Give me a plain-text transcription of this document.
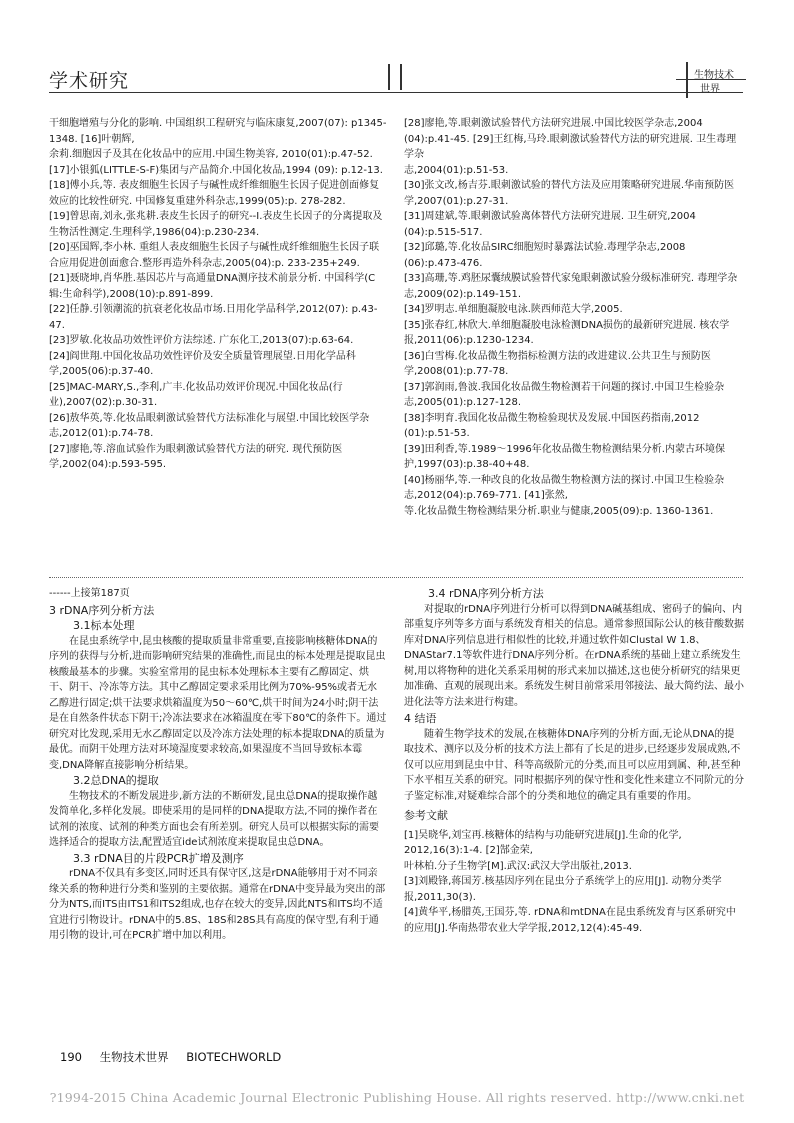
学术研究	生物技术
世界

干细胞增殖与分化的影响. 中国组织工程研究与临床康复,2007(07): p1345-1348. [16]叶朝辉,

余莉.细胞因子及其在化妆品中的应用.中国生物美容, 2010(01):p.47-52.

[17]小银狐(LITTLE-S-F)集团与产品简介.中国化妆品,1994 (09): p.12-13.

[18]傅小兵,等. 表皮细胞生长因子与碱性成纤维细胞生长因子促进创面修复效应的比较性研究. 中国修复重建外科杂志,1999(05):p. 278-282.

[19]曾思南,刘永,张兆耕.表皮生长因子的研究--Ⅰ.表皮生长因子的分离提取及生物活性测定.生理科学,1986(04):p.230-234.

[20]巫国辉,李小林. 重组人表皮细胞生长因子与碱性成纤维细胞生长因子联合应用促进创面愈合.整形再造外科杂志,2005(04):p. 233-235+249.

[21]聂晓坤,肖华胜.基因芯片与高通量DNA测序技术前景分析. 中国科学(C辑:生命科学),2008(10):p.891-899.

[22]任静.引领潮流的抗衰老化妆品市场.日用化学品科学,2012(07): p.43-47.

[23]罗敏.化妆品功效性评价方法综述. 广东化工,2013(07):p.63-64.

[24]阎世翔.中国化妆品功效性评价及安全质量管理展望.日用化学品科学,2005(06):p.37-40.

[25]MAC-MARY,S.,李利,广丰.化妆品功效评价现况.中国化妆品(行业),2007(02):p.30-31.

[26]敖华英,等.化妆品眼刺激试验替代方法标准化与展望.中国比较医学杂志,2012(01):p.74-78.

[27]廖艳,等.溶血试验作为眼刺激试验替代方法的研究. 现代预防医学,2002(04):p.593-595.

[28]廖艳,等.眼刺激试验替代方法研究进展.中国比较医学杂志,2004 (04):p.41-45. [29]王红梅,马玲.眼刺激试验替代方法的研究进展. 卫生毒理学杂

志,2004(01):p.51-53.

[30]张文改,杨吉芬.眼刺激试验的替代方法及应用策略研究进展.华南预防医学,2007(01):p.27-31.

[31]周建斌,等.眼刺激试验离体替代方法研究进展. 卫生研究,2004 (04):p.515-517.

[32]邱璐,等.化妆品SIRC细胞短时暴露法试验.毒理学杂志,2008 (06):p.473-476.

[33]高珊,等.鸡胚尿囊绒膜试验替代家兔眼刺激试验分级标准研究. 毒理学杂志,2009(02):p.149-151.

[34]罗明志.单细胞凝胶电泳.陕西师范大学,2005.

[35]张春红,林欣大.单细胞凝胶电泳检测DNA损伤的最新研究进展. 核农学报,2011(06):p.1230-1234.

[36]白雪梅.化妆品微生物指标检测方法的改进建议.公共卫生与预防医学,2008(01):p.77-78.

[37]郭润雨,鲁波.我国化妆品微生物检测若干问题的探讨.中国卫生检验杂志,2005(01):p.127-128.

[38]李明育.我国化妆品微生物检验现状及发展.中国医药指南,2012 (01):p.51-53.

[39]田利香,等.1989～1996年化妆品微生物检测结果分析.内蒙古环境保护,1997(03):p.38-40+48.

[40]杨丽华,等.一种改良的化妆品微生物检测方法的探讨.中国卫生检验杂志,2012(04):p.769-771. [41]张然,

等.化妆品微生物检测结果分析.职业与健康,2005(09):p. 1360-1361.

------上接第187页

3 rDNA序列分析方法

3.1标本处理

在昆虫系统学中,昆虫核酸的提取质量非常重要,直接影响核糖体DNA的序列的获得与分析,进而影响研究结果的准确性,而昆虫的标本处理是提取昆虫核酸最基本的步骤。实验室常用的昆虫标本处理标本主要有乙醇固定、烘干、阴干、冷冻等方法。其中乙醇固定要求采用比例为70%-95%或者无水乙醇进行固定;烘干法要求烘箱温度为50～60℃,烘干时间为24小时;阴干法是在自然条件状态下阴干;冷冻法要求在冰箱温度在零下80℃的条件下。通过研究对比发现,采用无水乙醇固定以及冷冻方法处理的标本提取DNA的质量为最优。而阴干处理方法对环境湿度要求较高,如果湿度不当回导致标本霉变,DNA降解直接影响分析结果。

3.2总DNA的提取

生物技术的不断发展进步,新方法的不断研发,昆虫总DNA的提取操作越发简单化,多样化发展。即使采用的是同样的DNA提取方法,不同的操作者在试剂的浓度、试剂的种类方面也会有所差别。研究人员可以根据实际的需要选择适合的提取方法,配置适宜ide试剂浓度来提取昆虫总DNA。

3.3 rDNA目的片段PCR扩增及测序

rDNA不仅具有多变区,同时还具有保守区,这是rDNA能够用于对不同亲缘关系的物种进行分类和鉴别的主要依据。通常在rDNA中变异最为突出的部分为NTS,而ITS由ITS1和ITS2组成,也存在较大的变异,因此NTS和ITS均不适宜进行引物设计。rDNA中的5.8S、18S和28S具有高度的保守型,有利于通用引物的设计,可在PCR扩增中加以利用。

3.4 rDNA序列分析方法

对提取的rDNA序列进行分析可以得到DNA碱基组成、密码子的偏向、内部重复序列等多方面与系统发育相关的信息。通常参照国际公认的核苷酸数据库对DNA序列信息进行相似性的比较,并通过软件如Clustal W 1.8、DNAStar7.1等软件进行DNA序列分析。在rDNA系统的基础上建立系统发生树,用以将物种的进化关系采用树的形式来加以描述,这也使分析研究的结果更加准确、直观的展现出来。系统发生树目前常采用邻接法、最大简约法、最小进化法等方法来进行构建。

4 结语

随着生物学技术的发展,在核糖体DNA序列的分析方面,无论从DNA的提取技术、测序以及分析的技术方法上都有了长足的进步,已经逐步发展成熟,不仅可以应用到昆虫中甘、科等高级阶元的分类,而且可以应用到属、种,甚至种下水平相互关系的研究。同时根据序列的保守性和变化性来建立不同阶元的分子鉴定标准,对疑难综合部个的分类和地位的确定具有重要的作用。

参考文献

[1]吴晓华,刘宝再.核糖体的结构与功能研究进展[J].生命的化学, 2012,16(3):1-4. [2]郜金荣,

叶林柏.分子生物学[M].武汉:武汉大学出版社,2013.

[3]刘殿锋,蒋国芳.核基因序列在昆虫分子系统学上的应用[J]. 动物分类学报,2011,30(3).

[4]黄华平,杨腊英,王国芬,等. rDNA和mtDNA在昆虫系统发育与区系研究中的应用[J].华南热带农业大学学报,2012,12(4):45-49.

190 生物技术世界 BIOTECHWORLD
?1994-2015 China Academic Journal Electronic Publishing House. All rights reserved. http://www.cnki.net
